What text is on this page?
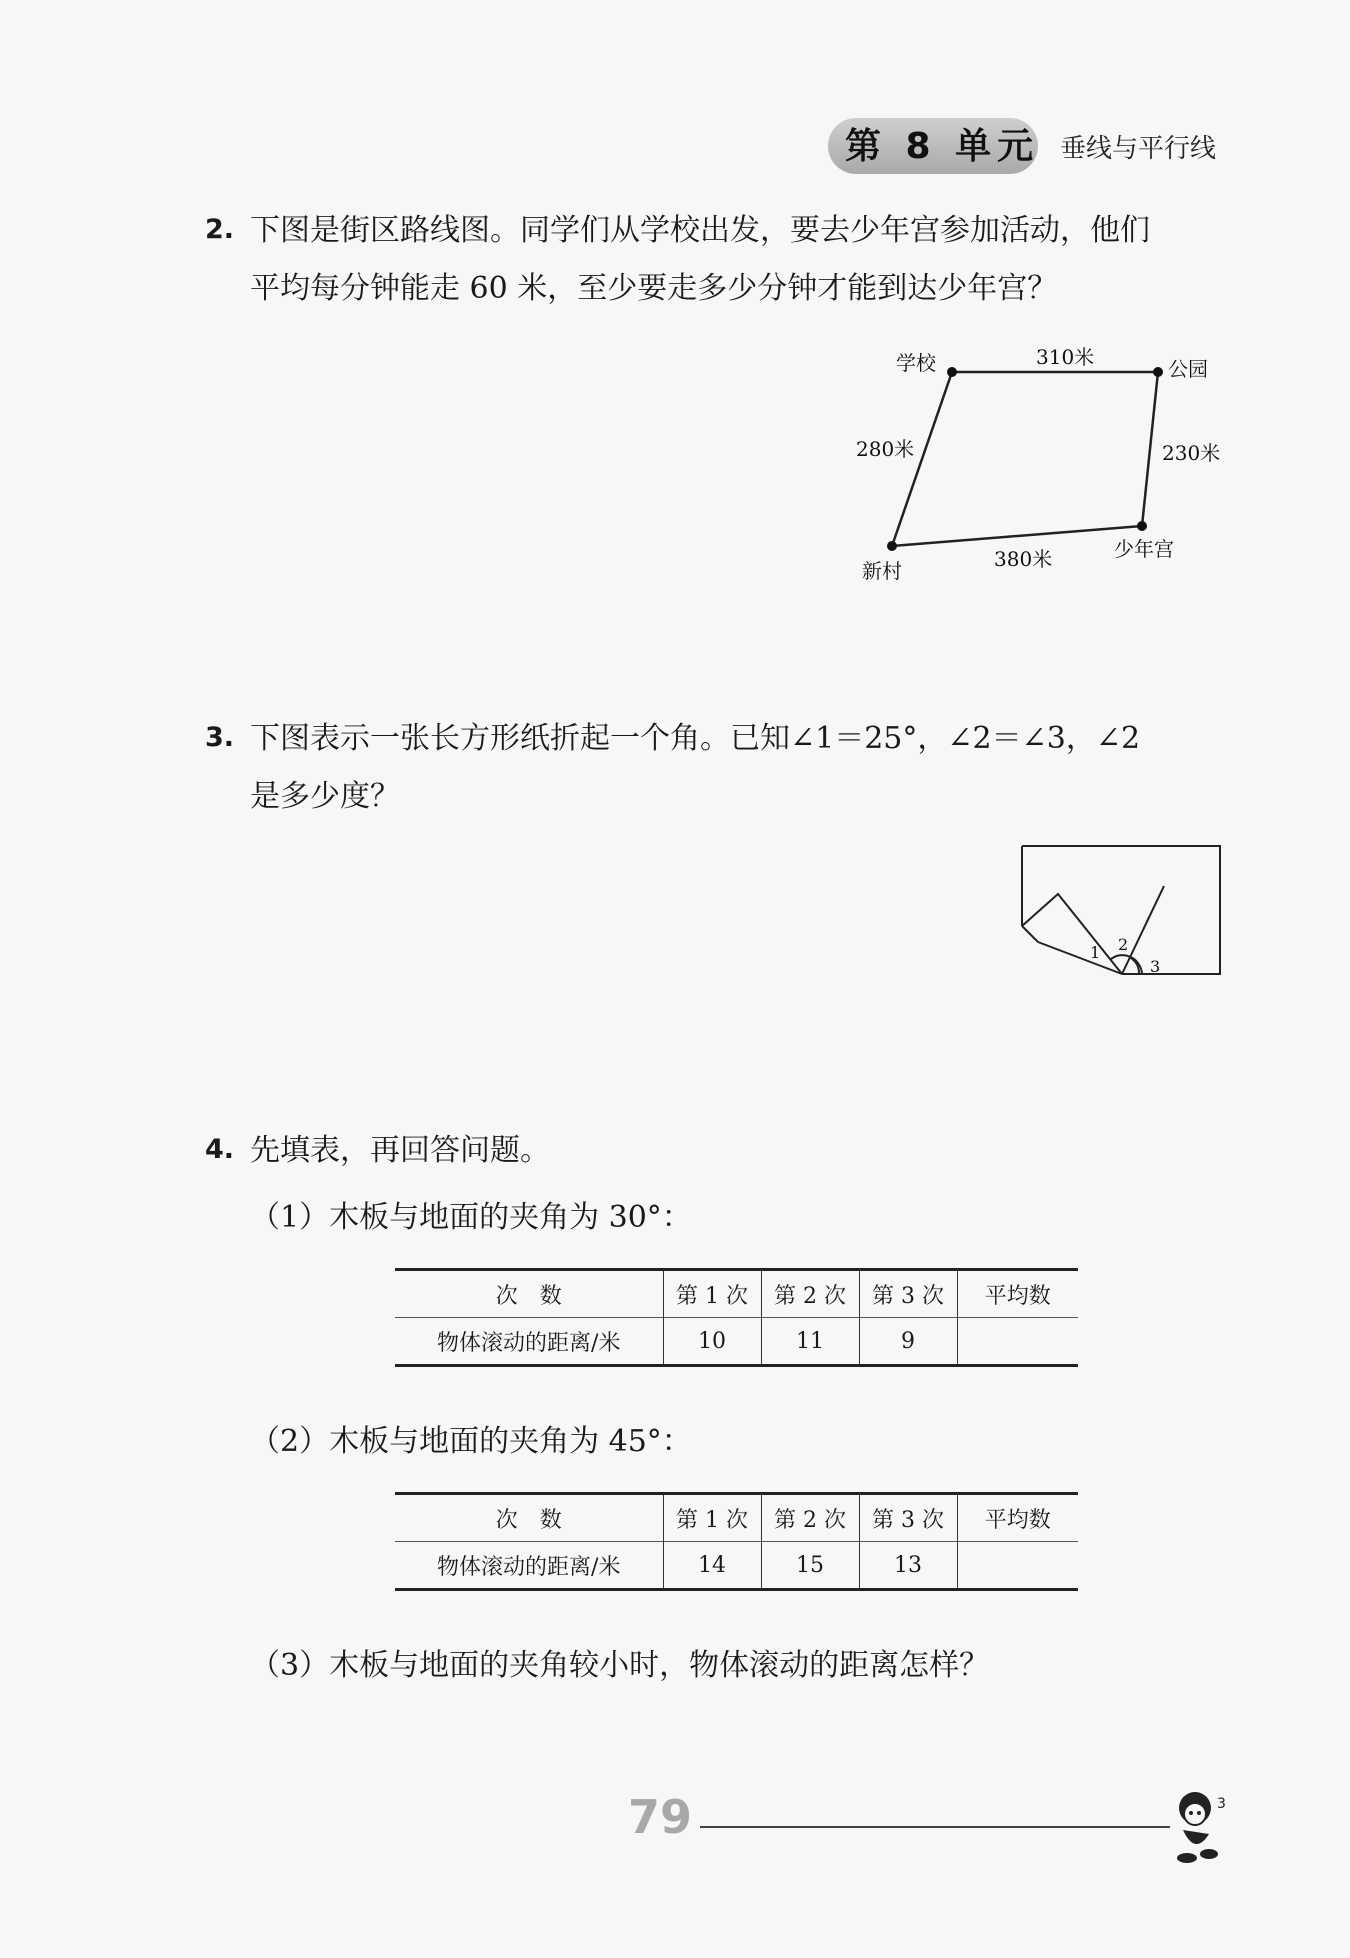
第 8 单元 垂线与平行线
2. 下图是街区路线图。同学们从学校出发，要去少年宫参加活动，他们
平均每分钟能走 60 米，至少要走多少分钟才能到达少年宫？
学校	公园
少年宫
新村
310米
280米	230米
380米
3. 下图表示一张长方形纸折起一个角。已知∠1＝25°，∠2＝∠3，∠2
是多少度？
1 2
3
4. 先填表，再回答问题。
（1）木板与地面的夹角为 30°：
次　数	第 1 次	第 2 次	第 3 次	平均数
物体滚动的距离/米	10	11	9	
（2）木板与地面的夹角为 45°：
次　数	第 1 次	第 2 次	第 3 次	平均数
物体滚动的距离/米	14	15	13	
（3）木板与地面的夹角较小时，物体滚动的距离怎样？
79	3
